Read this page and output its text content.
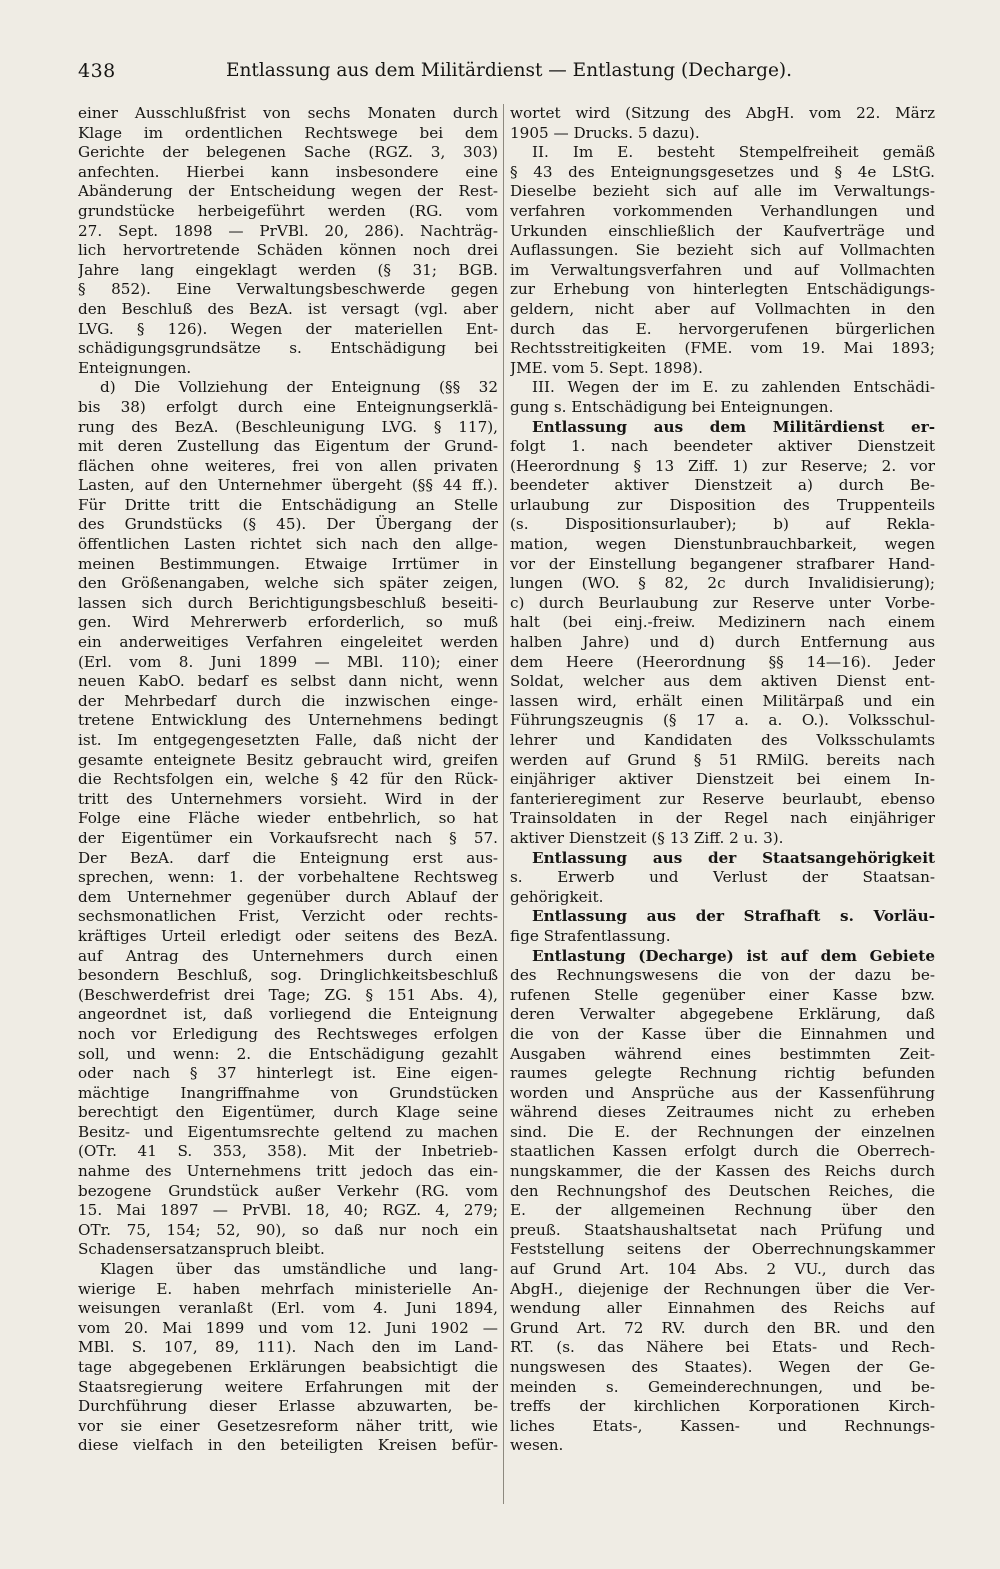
438	Entlassung aus dem Militärdienst — Entlastung (Decharge).
einer Ausschlußfrist von sechs Monaten durch
Klage im ordentlichen Rechtswege bei dem
Gerichte der belegenen Sache (RGZ. 3, 303)
anfechten. Hierbei kann insbesondere eine
Abänderung der Entscheidung wegen der Rest-
grundstücke herbeigeführt werden (RG. vom
27. Sept. 1898 — PrVBl. 20, 286). Nachträg-
lich hervortretende Schäden können noch drei
Jahre lang eingeklagt werden (§ 31; BGB.
§ 852). Eine Verwaltungsbeschwerde gegen
den Beschluß des BezA. ist versagt (vgl. aber
LVG. § 126). Wegen der materiellen Ent-
schädigungsgrundsätze s. Entschädigung bei
Enteignungen.
d) Die Vollziehung der Enteignung (§§ 32
bis 38) erfolgt durch eine Enteignungserklä-
rung des BezA. (Beschleunigung LVG. § 117),
mit deren Zustellung das Eigentum der Grund-
flächen ohne weiteres, frei von allen privaten
Lasten, auf den Unternehmer übergeht (§§ 44 ff.).
Für Dritte tritt die Entschädigung an Stelle
des Grundstücks (§ 45). Der Übergang der
öffentlichen Lasten richtet sich nach den allge-
meinen Bestimmungen. Etwaige Irrtümer in
den Größenangaben, welche sich später zeigen,
lassen sich durch Berichtigungsbeschluß beseiti-
gen. Wird Mehrerwerb erforderlich, so muß
ein anderweitiges Verfahren eingeleitet werden
(Erl. vom 8. Juni 1899 — MBl. 110); einer
neuen KabO. bedarf es selbst dann nicht, wenn
der Mehrbedarf durch die inzwischen einge-
tretene Entwicklung des Unternehmens bedingt
ist. Im entgegengesetzten Falle, daß nicht der
gesamte enteignete Besitz gebraucht wird, greifen
die Rechtsfolgen ein, welche § 42 für den Rück-
tritt des Unternehmers vorsieht. Wird in der
Folge eine Fläche wieder entbehrlich, so hat
der Eigentümer ein Vorkaufsrecht nach § 57.
Der BezA. darf die Enteignung erst aus-
sprechen, wenn: 1. der vorbehaltene Rechtsweg
dem Unternehmer gegenüber durch Ablauf der
sechsmonatlichen Frist, Verzicht oder rechts-
kräftiges Urteil erledigt oder seitens des BezA.
auf Antrag des Unternehmers durch einen
besondern Beschluß, sog. Dringlichkeitsbeschluß
(Beschwerdefrist drei Tage; ZG. § 151 Abs. 4),
angeordnet ist, daß vorliegend die Enteignung
noch vor Erledigung des Rechtsweges erfolgen
soll, und wenn: 2. die Entschädigung gezahlt
oder nach § 37 hinterlegt ist. Eine eigen-
mächtige Inangriffnahme von Grundstücken
berechtigt den Eigentümer, durch Klage seine
Besitz- und Eigentumsrechte geltend zu machen
(OTr. 41 S. 353, 358). Mit der Inbetrieb-
nahme des Unternehmens tritt jedoch das ein-
bezogene Grundstück außer Verkehr (RG. vom
15. Mai 1897 — PrVBl. 18, 40; RGZ. 4, 279;
OTr. 75, 154; 52, 90), so daß nur noch ein
Schadensersatzanspruch bleibt.
Klagen über das umständliche und lang-
wierige E. haben mehrfach ministerielle An-
weisungen veranlaßt (Erl. vom 4. Juni 1894,
vom 20. Mai 1899 und vom 12. Juni 1902 —
MBl. S. 107, 89, 111). Nach den im Land-
tage abgegebenen Erklärungen beabsichtigt die
Staatsregierung weitere Erfahrungen mit der
Durchführung dieser Erlasse abzuwarten, be-
vor sie einer Gesetzesreform näher tritt, wie
diese vielfach in den beteiligten Kreisen befür-
wortet wird (Sitzung des AbgH. vom 22. März
1905 — Drucks. 5 dazu).
II. Im E. besteht Stempelfreiheit gemäß
§ 43 des Enteignungsgesetzes und § 4e LStG.
Dieselbe bezieht sich auf alle im Verwaltungs-
verfahren vorkommenden Verhandlungen und
Urkunden einschließlich der Kaufverträge und
Auflassungen. Sie bezieht sich auf Vollmachten
im Verwaltungsverfahren und auf Vollmachten
zur Erhebung von hinterlegten Entschädigungs-
geldern, nicht aber auf Vollmachten in den
durch das E. hervorgerufenen bürgerlichen
Rechtsstreitigkeiten (FME. vom 19. Mai 1893;
JME. vom 5. Sept. 1898).
III. Wegen der im E. zu zahlenden Entschädi-
gung s. Entschädigung bei Enteignungen.
Entlassung aus dem Militärdienst er-
folgt 1. nach beendeter aktiver Dienstzeit
(Heerordnung § 13 Ziff. 1) zur Reserve; 2. vor
beendeter aktiver Dienstzeit a) durch Be-
urlaubung zur Disposition des Truppenteils
(s. Dispositionsurlauber); b) auf Rekla-
mation, wegen Dienstunbrauchbarkeit, wegen
vor der Einstellung begangener strafbarer Hand-
lungen (WO. § 82, 2c durch Invalidisierung);
c) durch Beurlaubung zur Reserve unter Vorbe-
halt (bei einj.-freiw. Medizinern nach einem
halben Jahre) und d) durch Entfernung aus
dem Heere (Heerordnung §§ 14—16). Jeder
Soldat, welcher aus dem aktiven Dienst ent-
lassen wird, erhält einen Militärpaß und ein
Führungszeugnis (§ 17 a. a. O.). Volksschul-
lehrer und Kandidaten des Volksschulamts
werden auf Grund § 51 RMilG. bereits nach
einjähriger aktiver Dienstzeit bei einem In-
fanterieregiment zur Reserve beurlaubt, ebenso
Trainsoldaten in der Regel nach einjähriger
aktiver Dienstzeit (§ 13 Ziff. 2 u. 3).
Entlassung aus der Staatsangehörigkeit
s. Erwerb und Verlust der Staatsan-
gehörigkeit.
Entlassung aus der Strafhaft s. Vorläu-
fige Strafentlassung.
Entlastung (Decharge) ist auf dem Gebiete
des Rechnungswesens die von der dazu be-
rufenen Stelle gegenüber einer Kasse bzw.
deren Verwalter abgegebene Erklärung, daß
die von der Kasse über die Einnahmen und
Ausgaben während eines bestimmten Zeit-
raumes gelegte Rechnung richtig befunden
worden und Ansprüche aus der Kassenführung
während dieses Zeitraumes nicht zu erheben
sind. Die E. der Rechnungen der einzelnen
staatlichen Kassen erfolgt durch die Oberrech-
nungskammer, die der Kassen des Reichs durch
den Rechnungshof des Deutschen Reiches, die
E. der allgemeinen Rechnung über den
preuß. Staatshaushaltsetat nach Prüfung und
Feststellung seitens der Oberrechnungskammer
auf Grund Art. 104 Abs. 2 VU., durch das
AbgH., diejenige der Rechnungen über die Ver-
wendung aller Einnahmen des Reichs auf
Grund Art. 72 RV. durch den BR. und den
RT. (s. das Nähere bei Etats- und Rech-
nungswesen des Staates). Wegen der Ge-
meinden s. Gemeinderechnungen, und be-
treffs der kirchlichen Korporationen Kirch-
liches Etats-, Kassen- und Rechnungs-
wesen.
